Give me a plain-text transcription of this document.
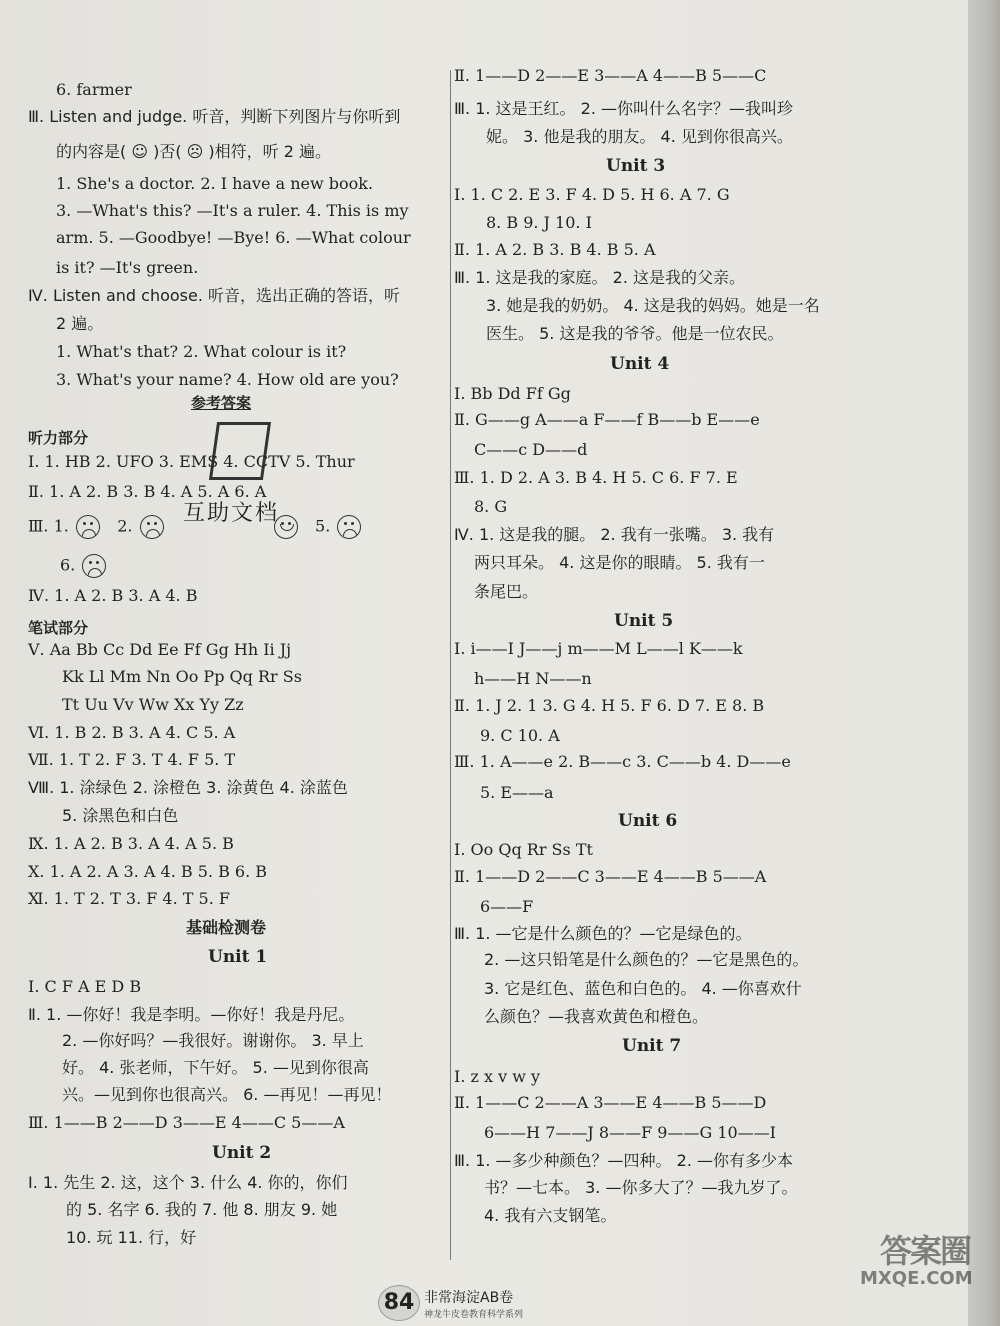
6. farmer
Ⅲ. Listen and judge. 听音，判断下列图片与你听到
的内容是( ☺ )否( ☹ )相符，听 2 遍。
1. She's a doctor. 2. I have a new book.
3. —What's this? —It's a ruler. 4. This is my
arm. 5. —Goodbye! —Bye! 6. —What colour
is it? —It's green.
Ⅳ. Listen and choose. 听音，选出正确的答语，听
2 遍。
1. What's that? 2. What colour is it?
3. What's your name? 4. How old are you?
参考答案
互助文档
听力部分
Ⅰ. 1. HB 2. UFO 3. EMS 4. CCTV 5. Thur
Ⅱ. 1. A 2. B 3. B 4. A 5. A 6. A
Ⅲ. 1.	2.
	5.
6.
Ⅳ. 1. A 2. B 3. A 4. B
笔试部分
Ⅴ. Aa Bb Cc Dd Ee Ff Gg Hh Ii Jj
Kk Ll Mm Nn Oo Pp Qq Rr Ss
Tt Uu Vv Ww Xx Yy Zz
Ⅵ. 1. B 2. B 3. A 4. C 5. A
Ⅶ. 1. T 2. F 3. T 4. F 5. T
Ⅷ. 1. 涂绿色 2. 涂橙色 3. 涂黄色 4. 涂蓝色
5. 涂黑色和白色
Ⅸ. 1. A 2. B 3. A 4. A 5. B
Ⅹ. 1. A 2. A 3. A 4. B 5. B 6. B
Ⅺ. 1. T 2. T 3. F 4. T 5. F
基础检测卷
Unit 1
Ⅰ. C F A E D B
Ⅱ. 1. —你好！我是李明。—你好！我是丹尼。
2. —你好吗？—我很好。谢谢你。 3. 早上
好。 4. 张老师，下午好。 5. —见到你很高
兴。—见到你也很高兴。 6. —再见！—再见！
Ⅲ. 1——B 2——D 3——E 4——C 5——A
Unit 2
Ⅰ. 1. 先生 2. 这，这个 3. 什么 4. 你的，你们
的 5. 名字 6. 我的 7. 他 8. 朋友 9. 她
10. 玩 11. 行，好
Ⅱ. 1——D 2——E 3——A 4——B 5——C
Ⅲ. 1. 这是王红。 2. —你叫什么名字？—我叫珍
妮。 3. 他是我的朋友。 4. 见到你很高兴。
Unit 3
Ⅰ. 1. C 2. E 3. F 4. D 5. H 6. A 7. G
8. B 9. J 10. I
Ⅱ. 1. A 2. B 3. B 4. B 5. A
Ⅲ. 1. 这是我的家庭。 2. 这是我的父亲。
3. 她是我的奶奶。 4. 这是我的妈妈。她是一名
医生。 5. 这是我的爷爷。他是一位农民。
Unit 4
Ⅰ. Bb Dd Ff Gg
Ⅱ. G——g A——a F——f B——b E——e
C——c D——d
Ⅲ. 1. D 2. A 3. B 4. H 5. C 6. F 7. E
8. G
Ⅳ. 1. 这是我的腿。 2. 我有一张嘴。 3. 我有
两只耳朵。 4. 这是你的眼睛。 5. 我有一
条尾巴。
Unit 5
Ⅰ. i——I J——j m——M L——l K——k
h——H N——n
Ⅱ. 1. J 2. 1 3. G 4. H 5. F 6. D 7. E 8. B
9. C 10. A
Ⅲ. 1. A——e 2. B——c 3. C——b 4. D——e
5. E——a
Unit 6
Ⅰ. Oo Qq Rr Ss Tt
Ⅱ. 1——D 2——C 3——E 4——B 5——A
6——F
Ⅲ. 1. —它是什么颜色的？—它是绿色的。
2. —这只铅笔是什么颜色的？—它是黑色的。
3. 它是红色、蓝色和白色的。 4. —你喜欢什
么颜色？—我喜欢黄色和橙色。
Unit 7
Ⅰ. z x v w y
Ⅱ. 1——C 2——A 3——E 4——B 5——D
6——H 7——J 8——F 9——G 10——I
Ⅲ. 1. —多少种颜色？—四种。 2. —你有多少本
书？—七本。 3. —你多大了？—我九岁了。
4. 我有六支钢笔。
84 非常海淀AB卷
神龙牛皮卷教育科学系列
答案圈
MXQE.COM
